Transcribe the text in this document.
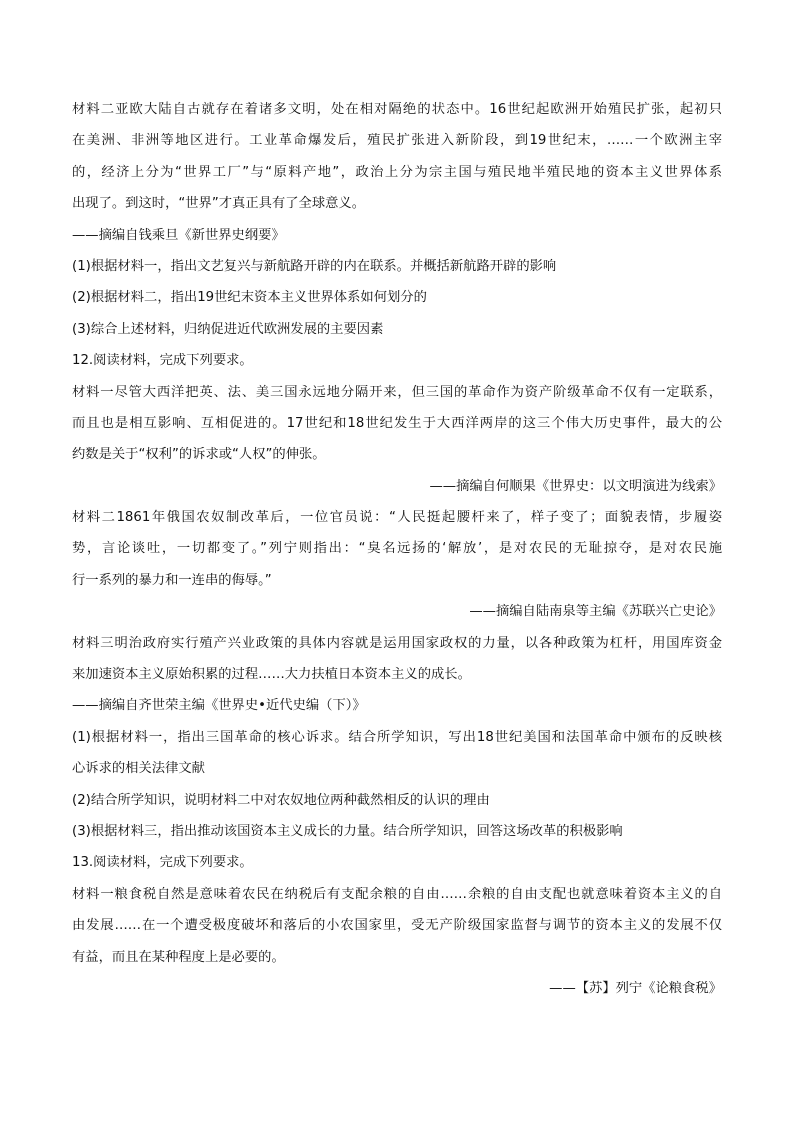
材料二亚欧大陆自古就存在着诸多文明，处在相对隔绝的状态中。16世纪起欧洲开始殖民扩张，起初只
在美洲、非洲等地区进行。工业革命爆发后，殖民扩张进入新阶段，到19世纪末，……一个欧洲主宰
的，经济上分为“世界工厂”与“原料产地”，政治上分为宗主国与殖民地半殖民地的资本主义世界体系
出现了。到这时，“世界”才真正具有了全球意义。
——摘编自钱乘旦《新世界史纲要》
(1)根据材料一，指出文艺复兴与新航路开辟的内在联系。并概括新航路开辟的影响
(2)根据材料二，指出19世纪末资本主义世界体系如何划分的
(3)综合上述材料，归纳促进近代欧洲发展的主要因素
12.阅读材料，完成下列要求。
材料一尽管大西洋把英、法、美三国永远地分隔开来，但三国的革命作为资产阶级革命不仅有一定联系，
而且也是相互影响、互相促进的。17世纪和18世纪发生于大西洋两岸的这三个伟大历史事件，最大的公
约数是关于“权利”的诉求或“人权”的伸张。
——摘编自何顺果《世界史：以文明演进为线索》
材料二1861年俄国农奴制改革后，一位官员说：“人民挺起腰杆来了，样子变了；面貌表情，步履姿
势，言论谈吐，一切都变了。”列宁则指出：“臭名远扬的‘解放’，是对农民的无耻掠夺，是对农民施
行一系列的暴力和一连串的侮辱。”
——摘编自陆南泉等主编《苏联兴亡史论》
材料三明治政府实行殖产兴业政策的具体内容就是运用国家政权的力量，以各种政策为杠杆，用国库资金
来加速资本主义原始积累的过程……大力扶植日本资本主义的成长。
——摘编自齐世荣主编《世界史•近代史编（下）》
(1)根据材料一，指出三国革命的核心诉求。结合所学知识，写出18世纪美国和法国革命中颁布的反映核
心诉求的相关法律文献
(2)结合所学知识，说明材料二中对农奴地位两种截然相反的认识的理由
(3)根据材料三，指出推动该国资本主义成长的力量。结合所学知识，回答这场改革的积极影响
13.阅读材料，完成下列要求。
材料一粮食税自然是意味着农民在纳税后有支配余粮的自由……余粮的自由支配也就意味着资本主义的自
由发展……在一个遭受极度破坏和落后的小农国家里，受无产阶级国家监督与调节的资本主义的发展不仅
有益，而且在某种程度上是必要的。
——【苏】列宁《论粮食税》
